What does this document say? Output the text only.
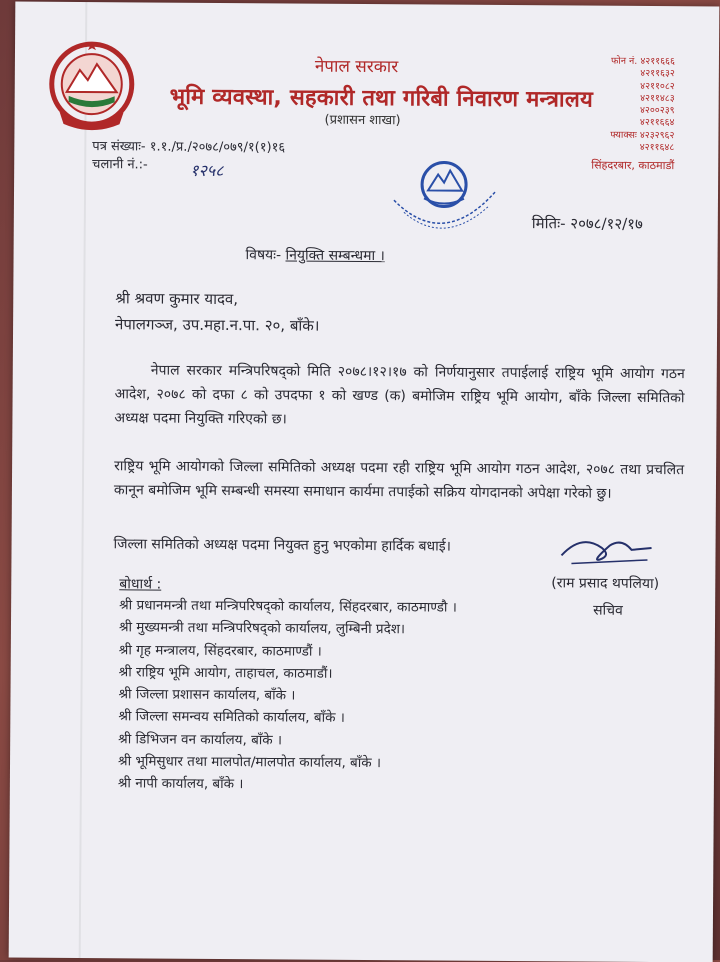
नेपाल सरकार
भूमि व्यवस्था, सहकारी तथा गरिबी निवारण मन्त्रालय
(प्रशासन शाखा)
फोन नं. ४२११६६६
४२११६३२
४२११०८२
४२११४८३
४२००२३९
४२११६६४
फ्याक्सः ४२३२९६२
४२११६४८
सिंहदरबार, काठमाडौं
पत्र संख्याः- १.१./प्र./२०७८/०७९/१(१)१६
चलानी नं.:-	१२५८
मितिः- २०७८/१२/१७
विषयः- नियुक्ति सम्बन्धमा ।
श्री श्रवण कुमार यादव,
नेपालगञ्ज, उप.महा.न.पा. २०, बाँके।
नेपाल सरकार मन्त्रिपरिषद्को मिति २०७८।१२।१७ को निर्णयानुसार तपाईलाई राष्ट्रिय भूमि आयोग गठन आदेश, २०७८ को दफा ८ को उपदफा १ को खण्ड (क) बमोजिम राष्ट्रिय भूमि आयोग, बाँके जिल्ला समितिको अध्यक्ष पदमा नियुक्ति गरिएको छ।
राष्ट्रिय भूमि आयोगको जिल्ला समितिको अध्यक्ष पदमा रही राष्ट्रिय भूमि आयोग गठन आदेश, २०७८ तथा प्रचलित कानून बमोजिम भूमि सम्बन्धी समस्या समाधान कार्यमा तपाईको सक्रिय योगदानको अपेक्षा गरेको छु।
जिल्ला समितिको अध्यक्ष पदमा नियुक्त हुनु भएकोमा हार्दिक बधाई।
(राम प्रसाद थपलिया)
सचिव
बोधार्थ :
श्री प्रधानमन्त्री तथा मन्त्रिपरिषद्को कार्यालय, सिंहदरबार, काठमाण्डौ ।
श्री मुख्यमन्त्री तथा मन्त्रिपरिषद्को कार्यालय, लुम्बिनी प्रदेश।
श्री गृह मन्त्रालय, सिंहदरबार, काठमाण्डौं ।
श्री राष्ट्रिय भूमि आयोग, ताहाचल, काठमाडौं।
श्री जिल्ला प्रशासन कार्यालय, बाँके ।
श्री जिल्ला समन्वय समितिको कार्यालय, बाँके ।
श्री डिभिजन वन कार्यालय, बाँके ।
श्री भूमिसुधार तथा मालपोत/मालपोत कार्यालय, बाँके ।
श्री नापी कार्यालय, बाँके ।
